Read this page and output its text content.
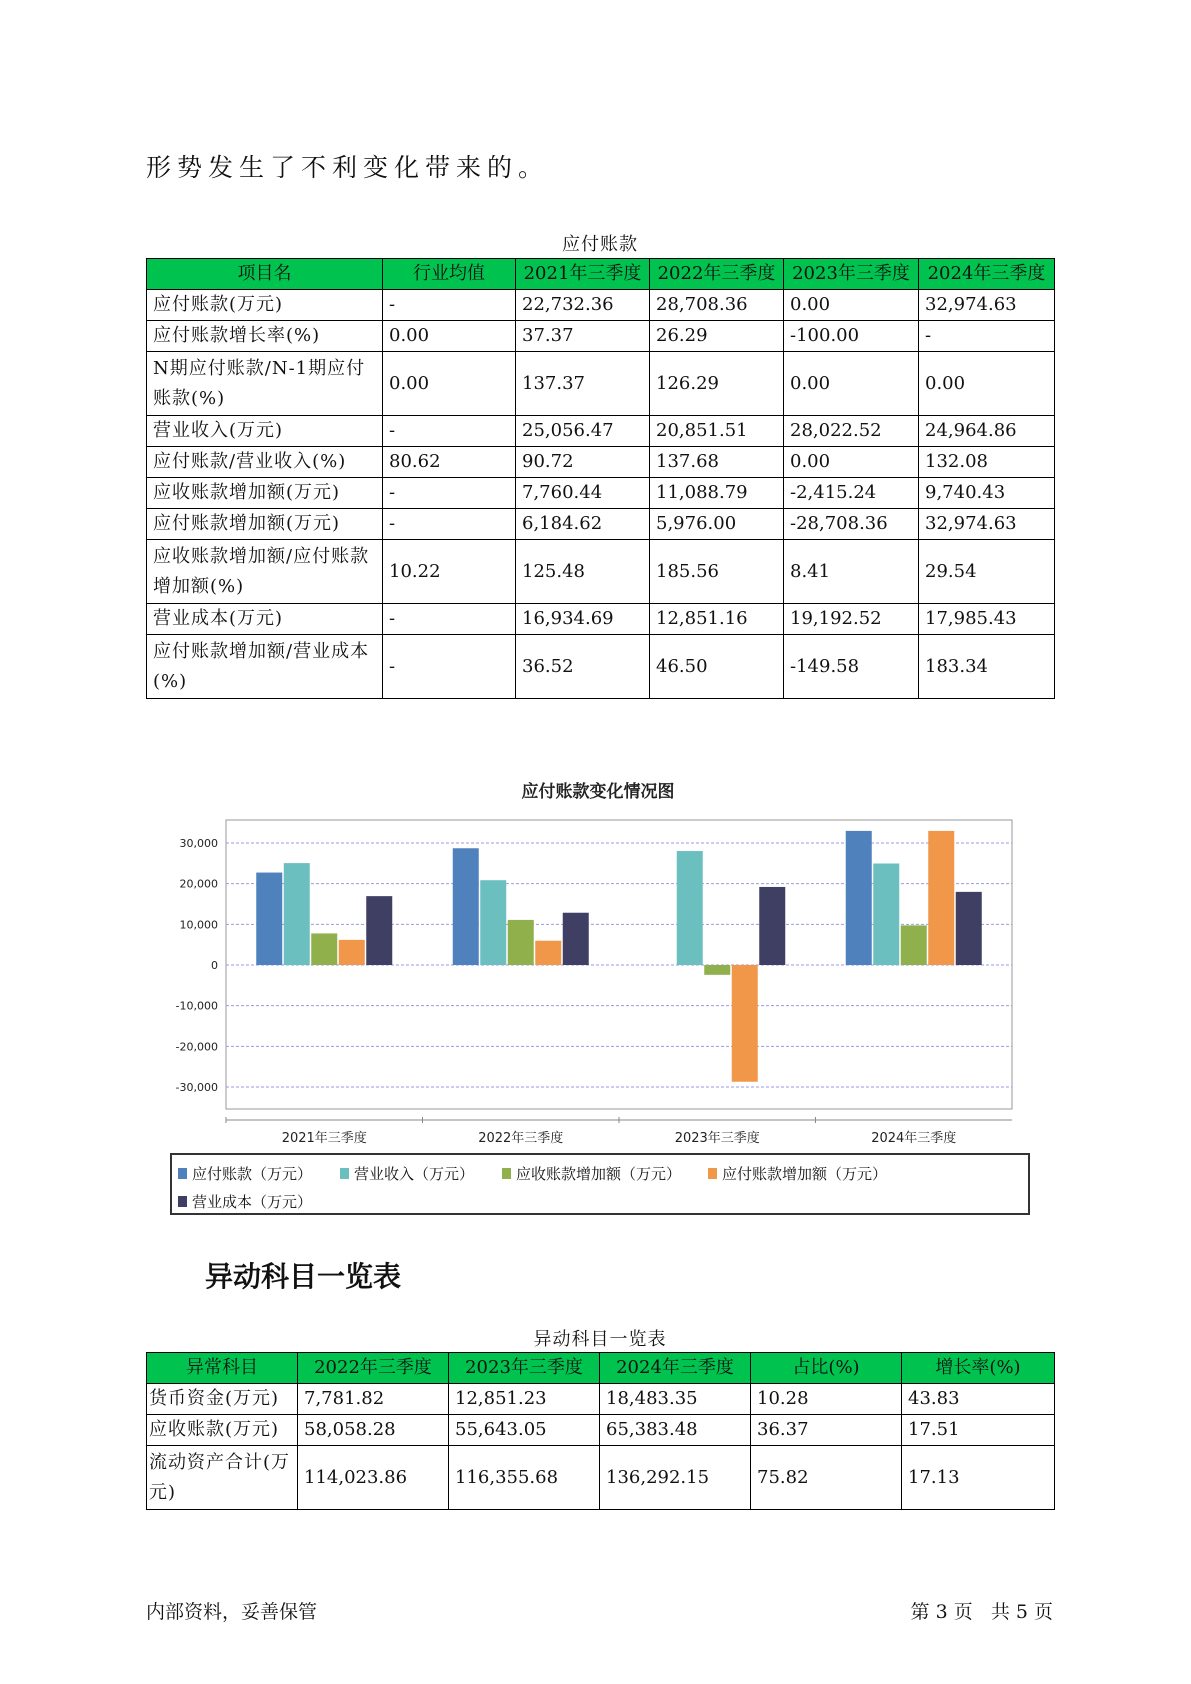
形势发生了不利变化带来的。
应付账款
项目名	行业均值	2021年三季度	2022年三季度	2023年三季度	2024年三季度
应付账款(万元)	-	22,732.36	28,708.36	0.00	32,974.63
应付账款增长率(%)	0.00	37.37	26.29	-100.00	-
N期应付账款/N-1期应付账款(%)	0.00	137.37	126.29	0.00	0.00
营业收入(万元)	-	25,056.47	20,851.51	28,022.52	24,964.86
应付账款/营业收入(%)	80.62	90.72	137.68	0.00	132.08
应收账款增加额(万元)	-	7,760.44	11,088.79	-2,415.24	9,740.43
应付账款增加额(万元)	-	6,184.62	5,976.00	-28,708.36	32,974.63
应收账款增加额/应付账款增加额(%)	10.22	125.48	185.56	8.41	29.54
营业成本(万元)	-	16,934.69	12,851.16	19,192.52	17,985.43
应付账款增加额/营业成本(%)	-	36.52	46.50	-149.58	183.34
应付账款变化情况图
30,000
20,000
10,000
0
-10,000
-20,000
-30,000
2021年三季度	2022年三季度	2023年三季度	2024年三季度
应付账款（万元）	营业收入（万元）	应收账款增加额（万元）	应付账款增加额（万元）
营业成本（万元）
异动科目一览表
异动科目一览表
异常科目	2022年三季度	2023年三季度	2024年三季度	占比(%)	增长率(%)
货币资金(万元)	7,781.82	12,851.23	18,483.35	10.28	43.83
应收账款(万元)	58,058.28	55,643.05	65,383.48	36.37	17.51
流动资产合计(万元)	114,023.86	116,355.68	136,292.15	75.82	17.13
内部资料，妥善保管	第 3 页   共 5 页
